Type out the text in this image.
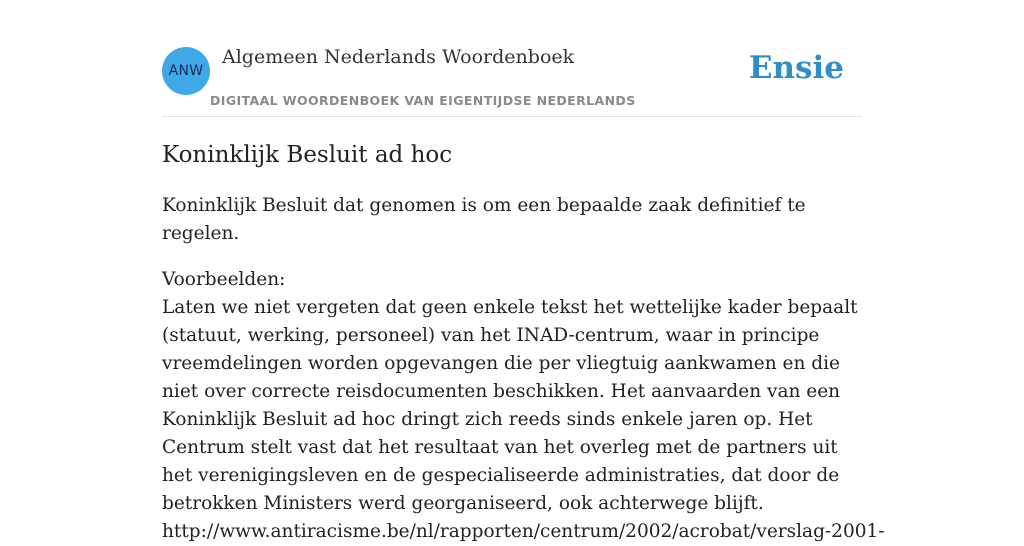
ANW
Algemeen Nederlands Woordenboek
DIGITAAL WOORDENBOEK VAN EIGENTIJDSE NEDERLANDS
Ensie
Koninklijk Besluit ad hoc

Koninklijk Besluit dat genomen is om een bepaalde zaak definitief te regelen.

Voorbeelden:

Laten we niet vergeten dat geen enkele tekst het wettelijke kader bepaalt (statuut, werking, personeel) van het INAD-centrum, waar in principe vreemdelingen worden opgevangen die per vliegtuig aankwamen en die niet over correcte reisdocumenten beschikken. Het aanvaarden van een Koninklijk Besluit ad hoc dringt zich reeds sinds enkele jaren op. Het Centrum stelt vast dat het resultaat van het overleg met de partners uit het verenigingsleven en de gespecialiseerde administraties, dat door de betrokken Ministers werd georganiseerd, ook achterwege blijft.

http://www.antiracisme.be/nl/rapporten/centrum/2002/acrobat/verslag-2001-
